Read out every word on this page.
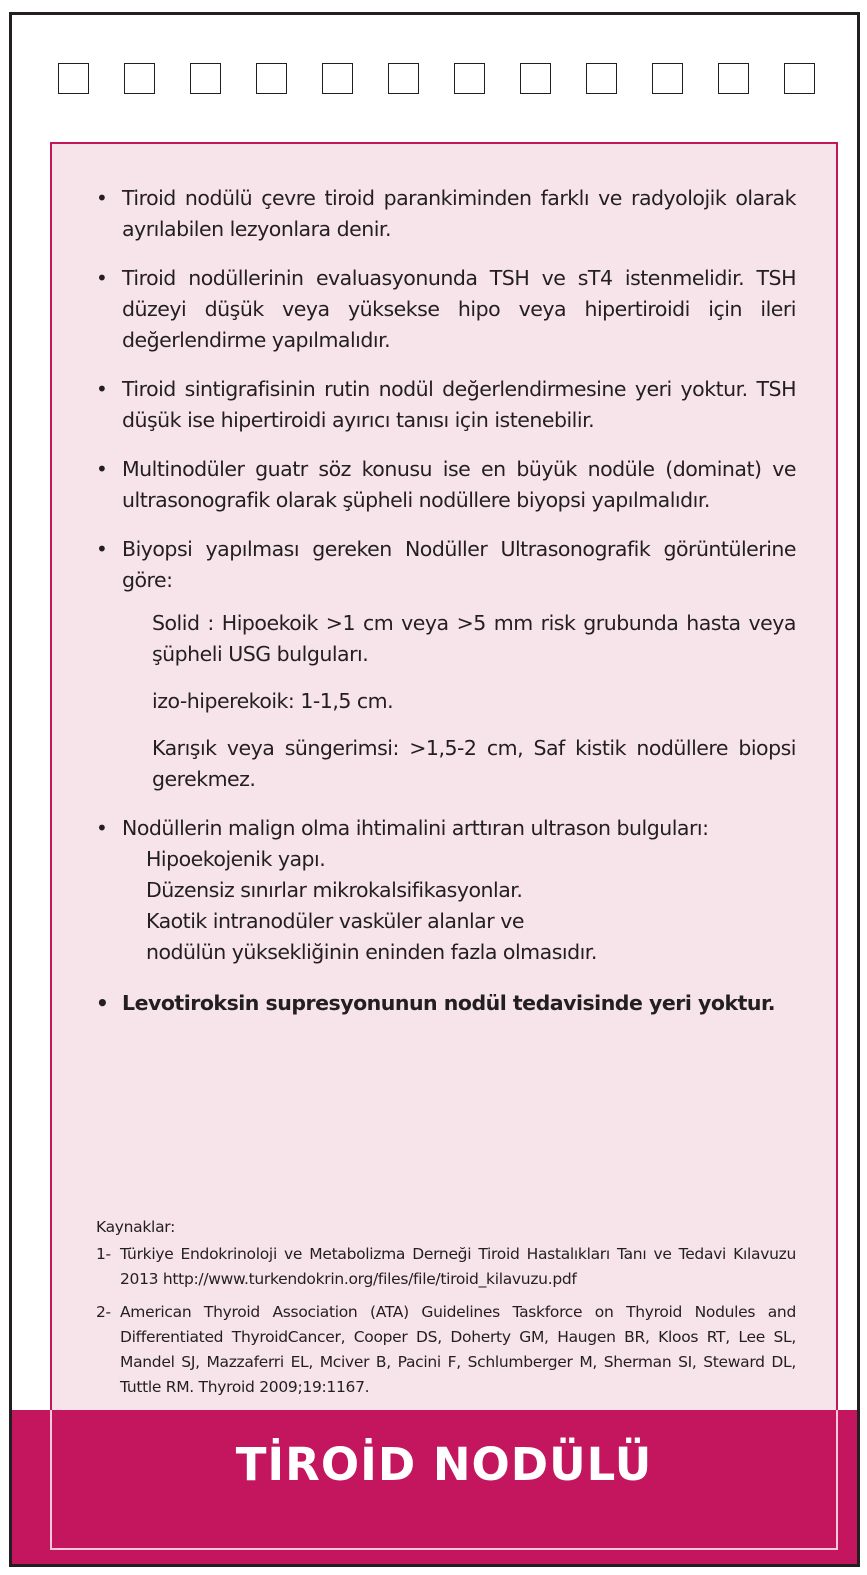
• Tiroid nodülü çevre tiroid parankiminden farklı ve radyolojik olarak ayrılabilen lezyonlara denir.

• Tiroid nodüllerinin evaluasyonunda TSH ve sT4 istenmelidir. TSH düzeyi düşük veya yüksekse hipo veya hipertiroidi için ileri değerlendirme yapılmalıdır.

• Tiroid sintigrafisinin rutin nodül değerlendirmesine yeri yoktur. TSH düşük ise hipertiroidi ayırıcı tanısı için istenebilir.

• Multinodüler guatr söz konusu ise en büyük nodüle (dominat) ve ultrasonografik olarak şüpheli nodüllere biyopsi yapılmalıdır.

• Biyopsi yapılması gereken Nodüller Ultrasonografik görüntülerine göre:

Solid : Hipoekoik >1 cm veya >5 mm risk grubunda hasta veya şüpheli USG bulguları.

izo-hiperekoik: 1-1,5 cm.

Karışık veya süngerimsi: >1,5-2 cm, Saf kistik nodüllere biopsi gerekmez.

• Nodüllerin malign olma ihtimalini arttıran ultrason bulguları:

Hipoekojenik yapı.
Düzensiz sınırlar mikrokalsifikasyonlar.
Kaotik intranodüler vasküler alanlar ve
nodülün yüksekliğinin eninden fazla olmasıdır.
• Levotiroksin supresyonunun nodül tedavisinde yeri yoktur.

Kaynaklar:
1- Türkiye Endokrinoloji ve Metabolizma Derneği Tiroid Hastalıkları Tanı ve Tedavi Kılavuzu 2013 http://www.turkendokrin.org/files/file/tiroid_kilavuzu.pdf
2- American Thyroid Association (ATA) Guidelines Taskforce on Thyroid Nodules and Differentiated ThyroidCancer, Cooper DS, Doherty GM, Haugen BR, Kloos RT, Lee SL, Mandel SJ, Mazzaferri EL, Mciver B, Pacini F, Schlumberger M, Sherman SI, Steward DL, Tuttle RM. Thyroid 2009;19:1167.
TİROİD NODÜLÜ
